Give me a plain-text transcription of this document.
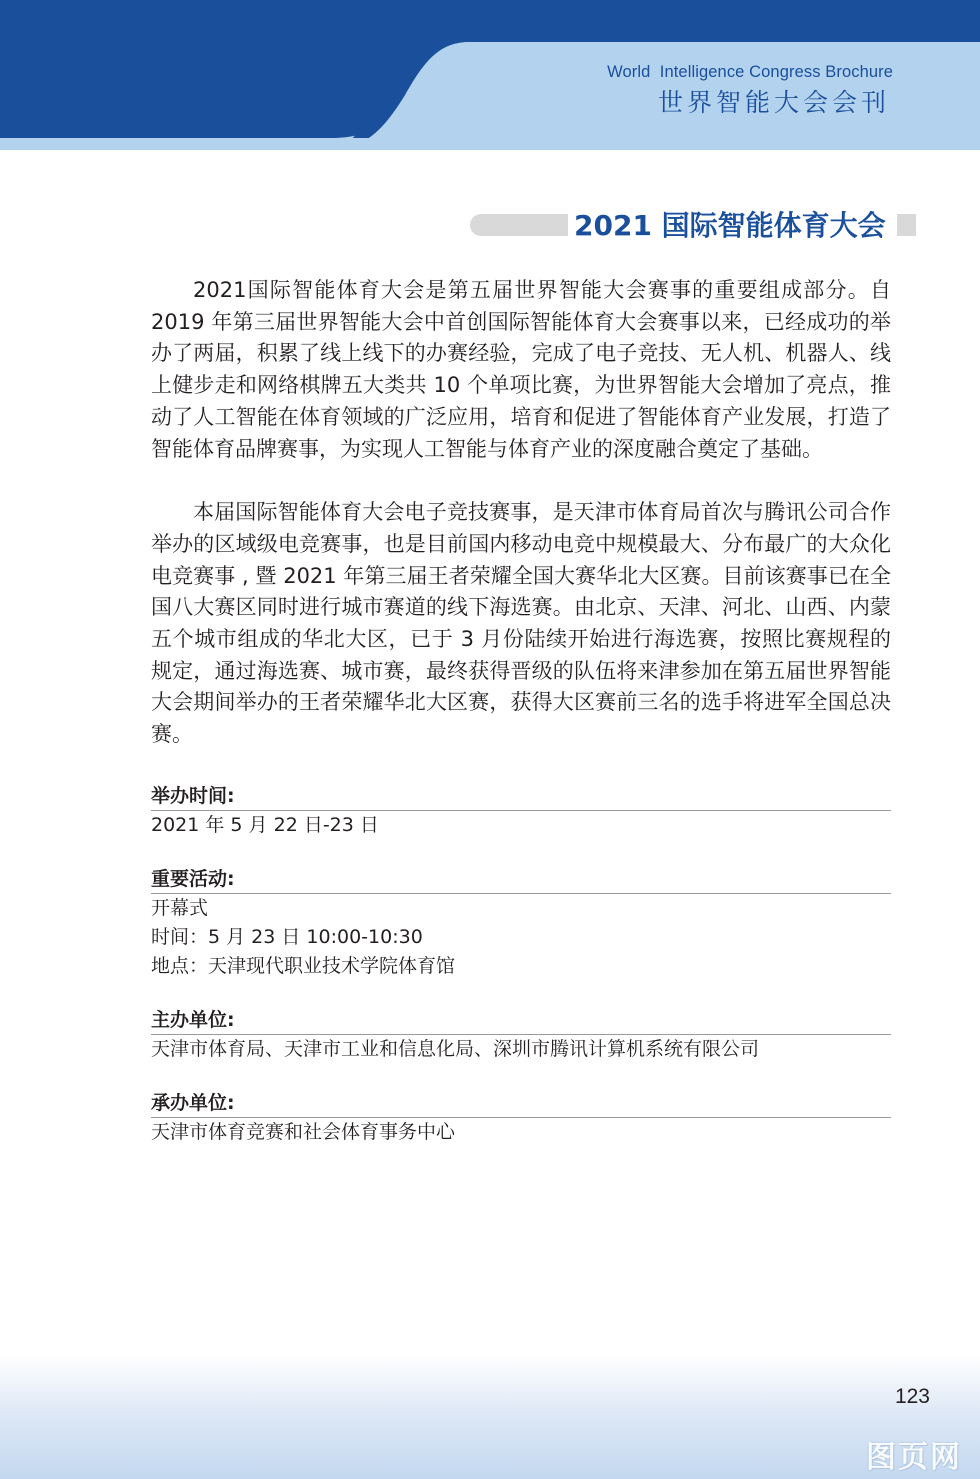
World  Intelligence Congress Brochure
世界智能大会会刊
2021 国际智能体育大会

2021国际智能体育大会是第五届世界智能大会赛事的重要组成部分。自 2019 年第三届世界智能大会中首创国际智能体育大会赛事以来，已经成功的举办了两届，积累了线上线下的办赛经验，完成了电子竞技、无人机、机器人、线上健步走和网络棋牌五大类共 10 个单项比赛，为世界智能大会增加了亮点，推动了人工智能在体育领域的广泛应用，培育和促进了智能体育产业发展，打造了智能体育品牌赛事，为实现人工智能与体育产业的深度融合奠定了基础。

本届国际智能体育大会电子竞技赛事，是天津市体育局首次与腾讯公司合作举办的区域级电竞赛事，也是目前国内移动电竞中规模最大、分布最广的大众化电竞赛事 , 暨 2021 年第三届王者荣耀全国大赛华北大区赛。目前该赛事已在全国八大赛区同时进行城市赛道的线下海选赛。由北京、天津、河北、山西、内蒙五个城市组成的华北大区，已于 3 月份陆续开始进行海选赛，按照比赛规程的规定，通过海选赛、城市赛，最终获得晋级的队伍将来津参加在第五届世界智能大会期间举办的王者荣耀华北大区赛，获得大区赛前三名的选手将进军全国总决赛。

举办时间:
2021 年 5 月 22 日-23 日
重要活动:
开幕式
时间：5 月 23 日 10:00-10:30
地点：天津现代职业技术学院体育馆
主办单位:
天津市体育局、天津市工业和信息化局、深圳市腾讯计算机系统有限公司
承办单位:
天津市体育竞赛和社会体育事务中心
123
图页网
